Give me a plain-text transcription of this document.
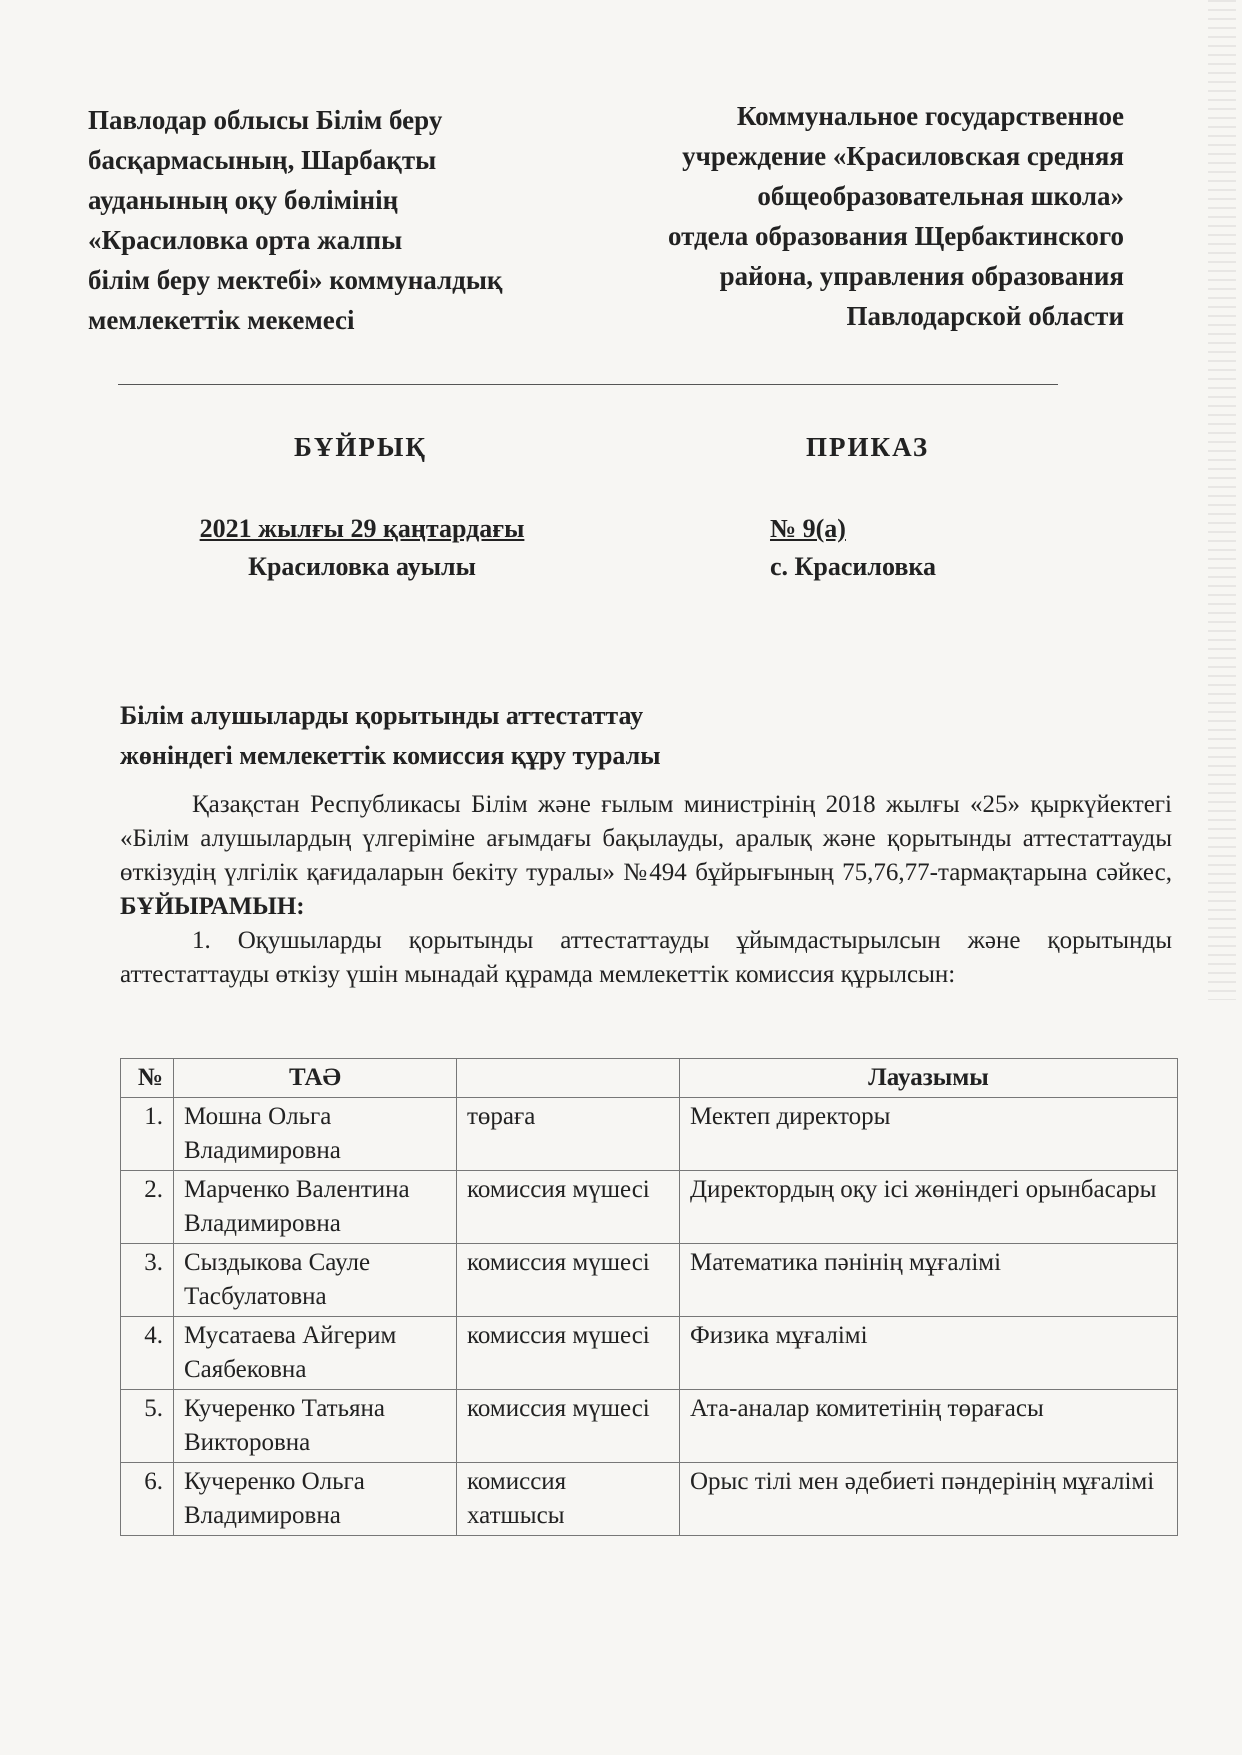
Павлодар облысы Білім беру
басқармасының, Шарбақты
ауданының оқу бөлімінің
«Красиловка орта жалпы
білім беру мектебі» коммуналдық
мемлекеттік мекемесі
Коммунальное государственное
учреждение «Красиловская средняя
общеобразовательная школа»
отдела образования Щербактинского
района, управления образования
Павлодарской области
БҰЙРЫҚ	ПРИКАЗ
2021 жылғы 29 қаңтардағы
Красиловка ауылы
№ 9(а)
с. Красиловка
Білім алушыларды қорытынды аттестаттау
жөніндегі мемлекеттік комиссия құру туралы

Қазақстан Республикасы Білім және ғылым министрінің 2018 жылғы «25» қыркүйектегі «Білім алушылардың үлгеріміне ағымдағы бақылауды, аралық және қорытынды аттестаттауды өткізудің үлгілік қағидаларын бекіту туралы» №494 бұйрығының 75,76,77-тармақтарына сәйкес, БҰЙЫРАМЫН:

1. Оқушыларды қорытынды аттестаттауды ұйымдастырылсын және қорытынды аттестаттауды өткізу үшін мынадай құрамда мемлекеттік комиссия құрылсын:

№	ТАӘ		Лауазымы
1.	Мошна Ольга Владимировна	төраға	Мектеп директоры
2.	Марченко Валентина Владимировна	комиссия мүшесі	Директордың оқу ісі жөніндегі орынбасары
3.	Сыздыкова Сауле Тасбулатовна	комиссия мүшесі	Математика пәнінің мұғалімі
4.	Мусатаева Айгерим Саябековна	комиссия мүшесі	Физика мұғалімі
5.	Кучеренко Татьяна Викторовна	комиссия мүшесі	Ата-аналар комитетінің төрағасы
6.	Кучеренко Ольга Владимировна	комиссия хатшысы	Орыс тілі мен әдебиеті пәндерінің мұғалімі
